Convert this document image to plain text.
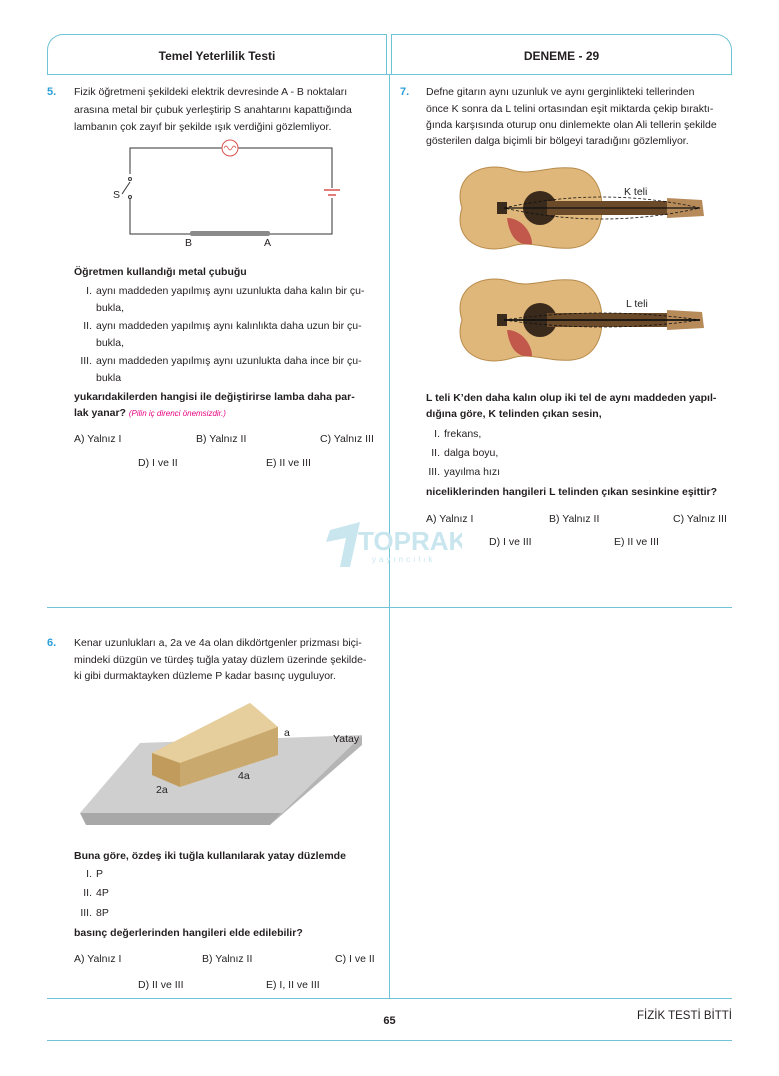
Temel Yeterlilik Testi	DENEME - 29
5. Fizik öğretmeni şekildeki elektrik devresinde A - B noktaları
arasına metal bir çubuk yerleştirip S anahtarını kapattığında
lambanın çok zayıf bir şekilde ışık verdiğini gözlemliyor.
S
B	A
Öğretmen kullandığı metal çubuğu
I. aynı maddeden yapılmış aynı uzunlukta daha kalın bir çu-
bukla,
II. aynı maddeden yapılmış aynı kalınlıkta daha uzun bir çu-
bukla,
III. aynı maddeden yapılmış aynı uzunlukta daha ince bir çu-
bukla
yukarıdakilerden hangisi ile değiştirirse lamba daha par-
lak yanar? (Pilin iç direnci önemsizdir.)
A) Yalnız I	B) Yalnız II	C) Yalnız III
D) I ve II	E) II ve III
7. Defne gitarın aynı uzunluk ve aynı gerginlikteki tellerinden
önce K sonra da L telini ortasından eşit miktarda çekip bıraktı-
ğında karşısında oturup onu dinlemekte olan Ali tellerin şekilde
gösterilen dalga biçimli bir bölgeyi taradığını gözlemliyor.
K teli
L teli
L teli K’den daha kalın olup iki tel de aynı maddeden yapıl-
dığına göre, K telinden çıkan sesin,
I. frekans,
II. dalga boyu,
III. yayılma hızı
niceliklerinden hangileri L telinden çıkan sesinkine eşittir?
A) Yalnız I	B) Yalnız II	C) Yalnız III
D) I ve III	E) II ve III
TOPRAK
yayıncılık
6. Kenar uzunlukları a, 2a ve 4a olan dikdörtgenler prizması biçi-
mindeki düzgün ve türdeş tuğla yatay düzlem üzerinde şekilde-
ki gibi durmaktayken düzleme P kadar basınç uyguluyor.
a	Yatay
4a
2a
Buna göre, özdeş iki tuğla kullanılarak yatay düzlemde
I. P
II. 4P
III. 8P
basınç değerlerinden hangileri elde edilebilir?
A) Yalnız I	B) Yalnız II	C) I ve II
D) II ve III	E) I, II ve III
65	FİZİK TESTİ BİTTİ
